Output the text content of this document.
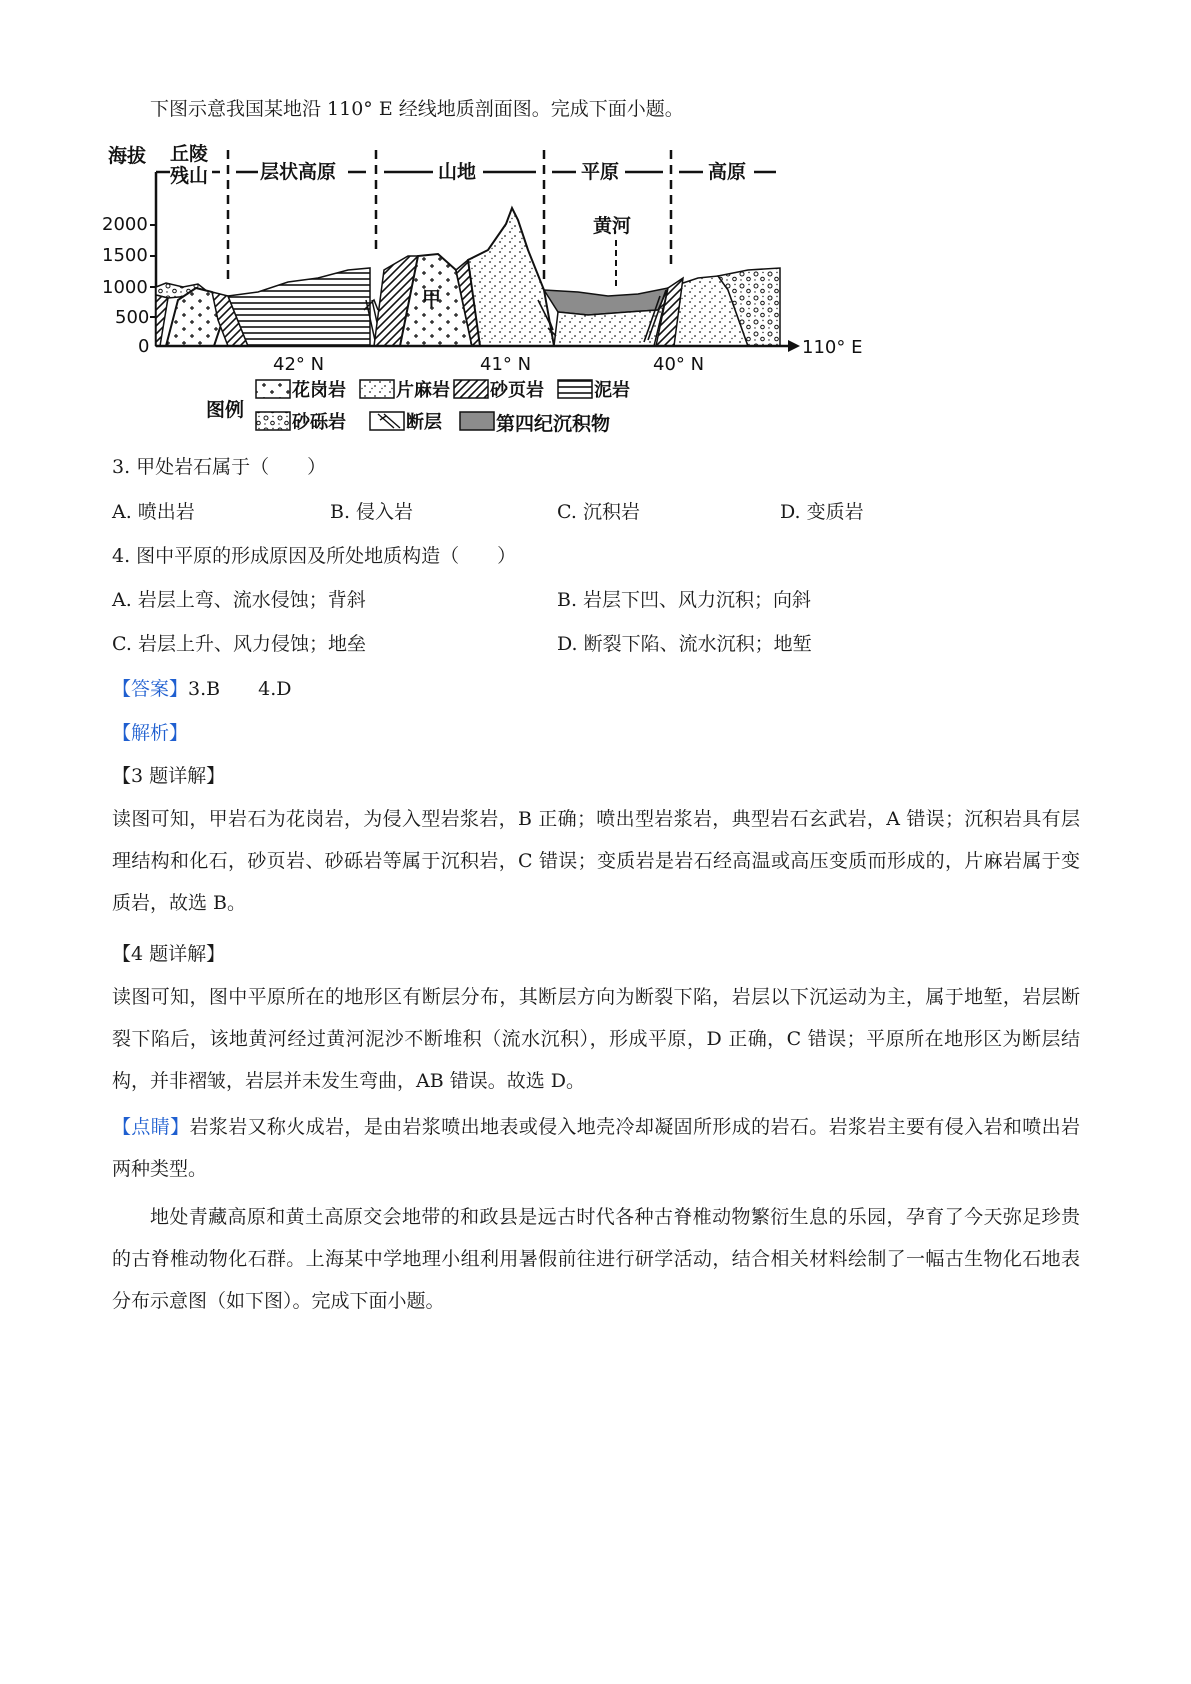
下图示意我国某地沿 110° E 经线地质剖面图。完成下面小题。
海拔 丘陵
残山	层状高原	山地	平原	高原
2000
1500
1000
500
0
甲
黄河
110° E
42° N	41° N	40° N
图例
花岗岩	片麻岩 砂页岩	泥岩
砂砾岩	断层	第四纪沉积物
3. 甲处岩石属于（　　）
A. 喷出岩	B. 侵入岩	C. 沉积岩	D. 变质岩
4. 图中平原的形成原因及所处地质构造（　　）
A. 岩层上弯、流水侵蚀；背斜	B. 岩层下凹、风力沉积；向斜
C. 岩层上升、风力侵蚀；地垒	D. 断裂下陷、流水沉积；地堑
【答案】3.B　　4.D
【解析】
【3 题详解】
读图可知，甲岩石为花岗岩，为侵入型岩浆岩，B 正确；喷出型岩浆岩，典型岩石玄武岩，A 错误；沉积岩具有层理结构和化石，砂页岩、砂砾岩等属于沉积岩，C 错误；变质岩是岩石经高温或高压变质而形成的，片麻岩属于变质岩，故选 B。
【4 题详解】
读图可知，图中平原所在的地形区有断层分布，其断层方向为断裂下陷，岩层以下沉运动为主，属于地堑，岩层断裂下陷后，该地黄河经过黄河泥沙不断堆积（流水沉积），形成平原，D 正确，C 错误；平原所在地形区为断层结构，并非褶皱，岩层并未发生弯曲，AB 错误。故选 D。
【点睛】岩浆岩又称火成岩，是由岩浆喷出地表或侵入地壳冷却凝固所形成的岩石。岩浆岩主要有侵入岩和喷出岩两种类型。
地处青藏高原和黄土高原交会地带的和政县是远古时代各种古脊椎动物繁衍生息的乐园，孕育了今天弥足珍贵的古脊椎动物化石群。上海某中学地理小组利用暑假前往进行研学活动，结合相关材料绘制了一幅古生物化石地表分布示意图（如下图）。完成下面小题。
